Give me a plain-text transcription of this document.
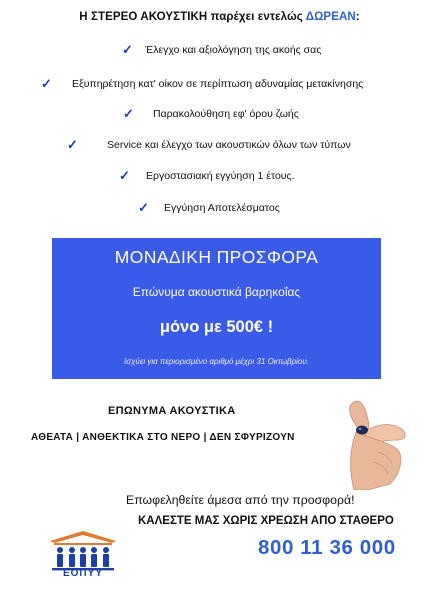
Η ΣΤΕΡΕΟ ΑΚΟΥΣΤΙΚΗ παρέχει εντελώς ΔΩΡΕΑΝ:
✓ Έλεγχο και αξιολόγηση της ακοής σας
✓ Εξυπηρέτηση κατ' οίκον σε περίπτωση αδυναμίας μετακίνησης
✓ Παρακολούθηση εφ' όρου ζωής
✓	Service και έλεγχο των ακουστικών όλων των τύπων
✓ Εργοστασιακή εγγύηση 1 έτους.
✓ Εγγύηση Αποτελέσματος
ΜΟΝΑΔΙΚΗ ΠΡΟΣΦΟΡΑ
Επώνυμα ακουστικά βαρηκοΐας
μόνο με 500€ !
Ισχύει για περιορισμένο αριθμό μέχρι 31 Οκτωβρίου.
ΕΠΩΝΥΜΑ ΑΚΟΥΣΤΙΚΑ
ΑΘΕΑΤΑ | ΑΝΘΕΚΤΙΚΑ ΣΤΟ ΝΕΡΟ | ΔΕΝ ΣΦΥΡΙΖΟΥΝ
Επωφεληθείτε άμεσα από την προσφορά!
ΚΑΛΕΣΤΕ ΜΑΣ ΧΩΡΙΣ ΧΡΕΩΣΗ ΑΠΟ ΣΤΑΘΕΡΟ
800 11 36 000
ΕΟΠΥΥ
